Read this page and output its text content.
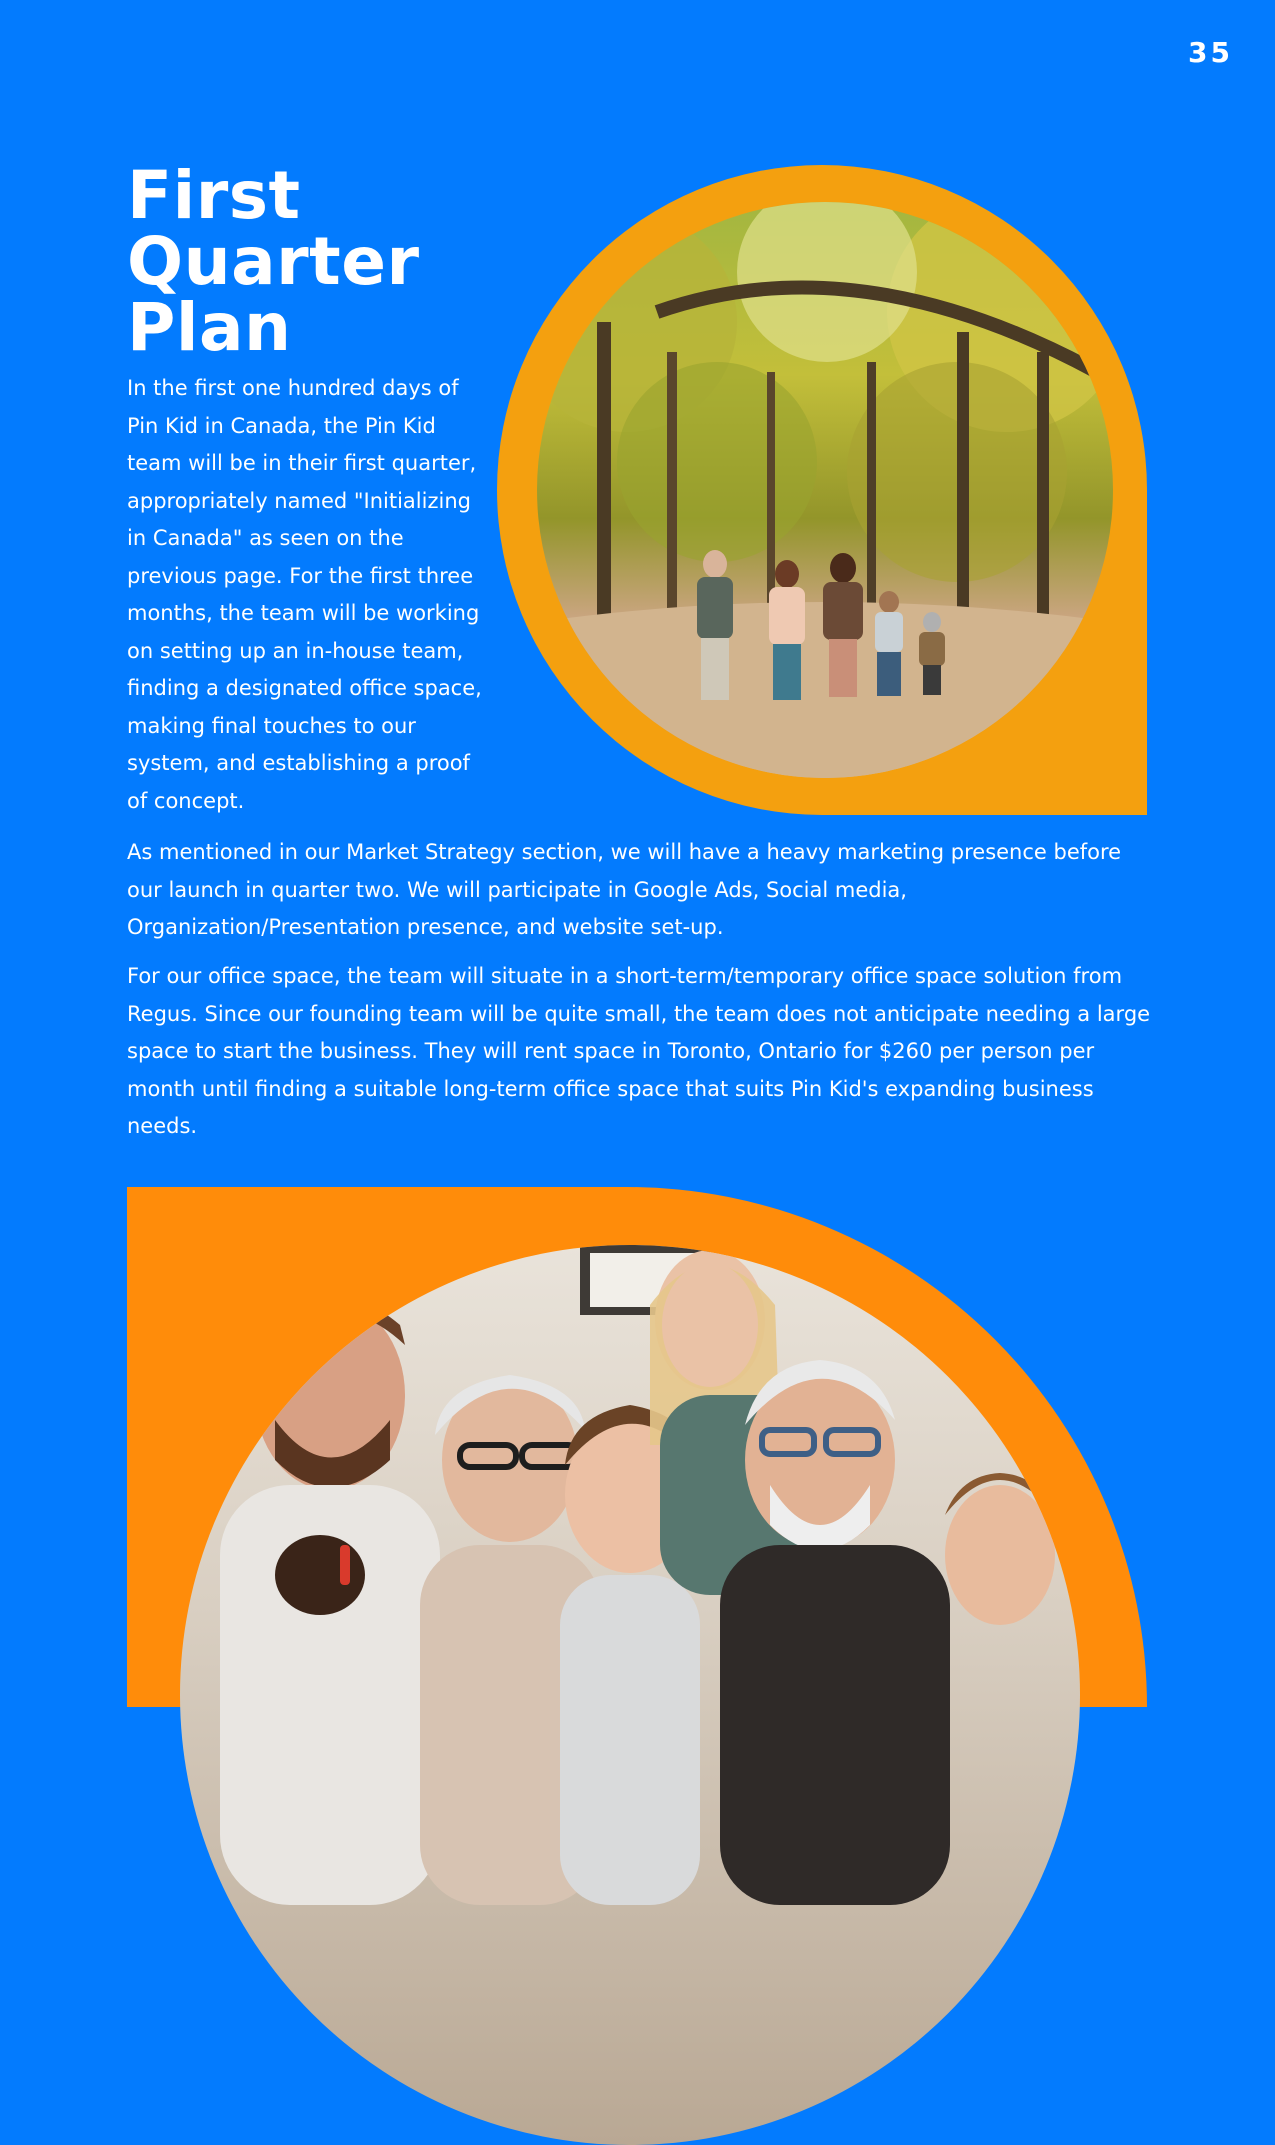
35
First Quarter Plan

In the first one hundred days of Pin Kid in Canada, the Pin Kid team will be in their first quarter, appropriately named "Initializing in Canada" as seen on the previous page. For the first three months, the team will be working on setting up an in-house team, finding a designated office space, making final touches to our system, and establishing a proof of concept.

As mentioned in our Market Strategy section, we will have a heavy marketing presence before our launch in quarter two. We will participate in Google Ads, Social media, Organization/Presentation presence, and website set-up.

For our office space, the team will situate in a short-term/temporary office space solution from Regus. Since our founding team will be quite small, the team does not anticipate needing a large space to start the business. They will rent space in Toronto, Ontario for $260 per person per month until finding a suitable long-term office space that suits Pin Kid's expanding business needs.
